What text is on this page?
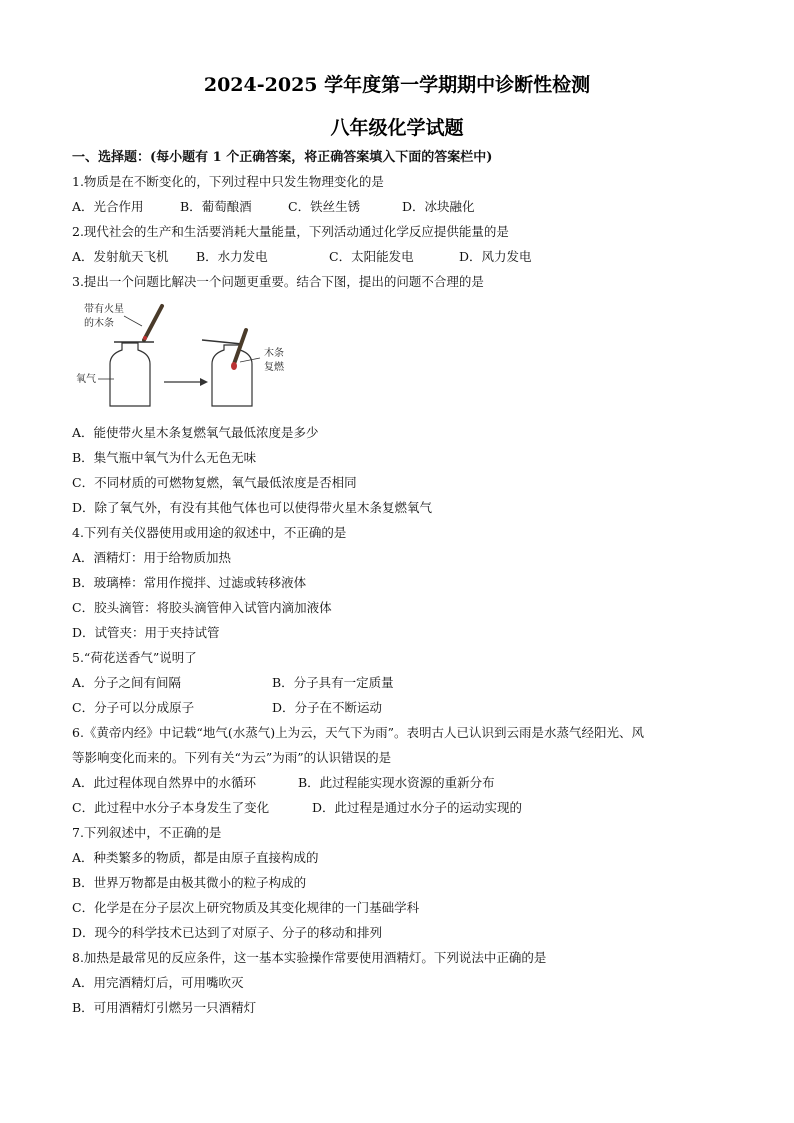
2024-2025 学年度第一学期期中诊断性检测
八年级化学试题
一、选择题：(每小题有 1 个正确答案，将正确答案填入下面的答案栏中)
1.物质是在不断变化的，下列过程中只发生物理变化的是
A．光合作用	B．葡萄酿酒	C．铁丝生锈	D．冰块融化
2.现代社会的生产和生活要消耗大量能量，下列活动通过化学反应提供能量的是
A．发射航天飞机 B．水力发电	C．太阳能发电	D．风力发电
3.提出一个问题比解决一个问题更重要。结合下图，提出的问题不合理的是
带有火星
的木条
氧气
木条
复燃
A．能使带火星木条复燃氧气最低浓度是多少
B．集气瓶中氧气为什么无色无味
C．不同材质的可燃物复燃，氧气最低浓度是否相同
D．除了氧气外，有没有其他气体也可以使得带火星木条复燃氧气
4.下列有关仪器使用或用途的叙述中，不正确的是
A．酒精灯：用于给物质加热
B．玻璃棒：常用作搅拌、过滤或转移液体
C．胶头滴管：将胶头滴管伸入试管内滴加液体
D．试管夹：用于夹持试管
5.“荷花送香气”说明了
A．分子之间有间隔	B．分子具有一定质量
C．分子可以分成原子	D．分子在不断运动
6.《黄帝内经》中记载“地气(水蒸气)上为云，天气下为雨”。表明古人已认识到云雨是水蒸气经阳光、风
等影响变化而来的。下列有关“为云”为雨”的认识错误的是
A．此过程体现自然界中的水循环	B．此过程能实现水资源的重新分布
C．此过程中水分子本身发生了变化	D．此过程是通过水分子的运动实现的
7.下列叙述中，不正确的是
A．种类繁多的物质，都是由原子直接构成的
B．世界万物都是由极其微小的粒子构成的
C．化学是在分子层次上研究物质及其变化规律的一门基础学科
D．现今的科学技术已达到了对原子、分子的移动和排列
8.加热是最常见的反应条件，这一基本实验操作常要使用酒精灯。下列说法中正确的是
A．用完酒精灯后，可用嘴吹灭
B．可用酒精灯引燃另一只酒精灯
